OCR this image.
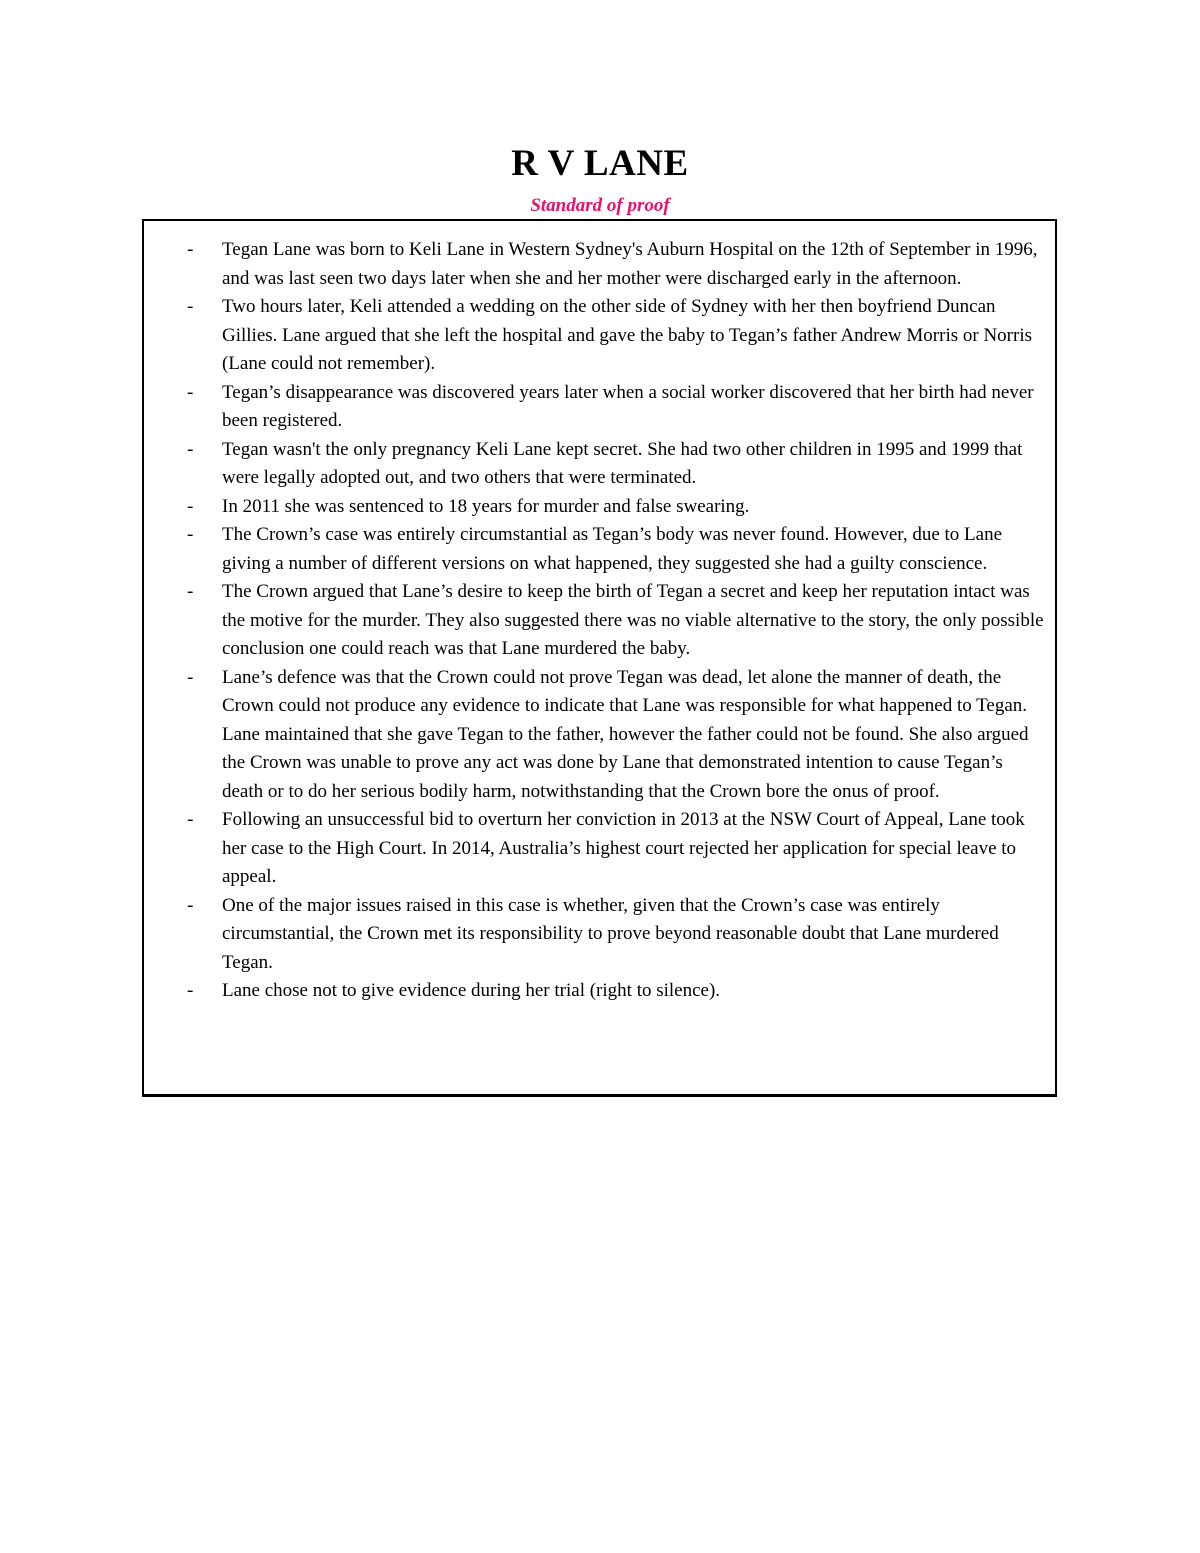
R V LANE
Standard of proof
- Tegan Lane was born to Keli Lane in Western Sydney's Auburn Hospital on the 12th of September in 1996, and was last seen two days later when she and her mother were discharged early in the afternoon.
- Two hours later, Keli attended a wedding on the other side of Sydney with her then boyfriend Duncan Gillies. Lane argued that she left the hospital and gave the baby to Tegan’s father Andrew Morris or Norris (Lane could not remember).
- Tegan’s disappearance was discovered years later when a social worker discovered that her birth had never been registered.
- Tegan wasn't the only pregnancy Keli Lane kept secret. She had two other children in 1995 and 1999 that were legally adopted out, and two others that were terminated.
- In 2011 she was sentenced to 18 years for murder and false swearing.
- The Crown’s case was entirely circumstantial as Tegan’s body was never found. However, due to Lane giving a number of different versions on what happened, they suggested she had a guilty conscience.
- The Crown argued that Lane’s desire to keep the birth of Tegan a secret and keep her reputation intact was the motive for the murder. They also suggested there was no viable alternative to the story, the only possible conclusion one could reach was that Lane murdered the baby.
- Lane’s defence was that the Crown could not prove Tegan was dead, let alone the manner of death, the Crown could not produce any evidence to indicate that Lane was responsible for what happened to Tegan. Lane maintained that she gave Tegan to the father, however the father could not be found. She also argued the Crown was unable to prove any act was done by Lane that demonstrated intention to cause Tegan’s death or to do her serious bodily harm, notwithstanding that the Crown bore the onus of proof.
- Following an unsuccessful bid to overturn her conviction in 2013 at the NSW Court of Appeal, Lane took her case to the High Court. In 2014, Australia’s highest court rejected her application for special leave to appeal.
- One of the major issues raised in this case is whether, given that the Crown’s case was entirely circumstantial, the Crown met its responsibility to prove beyond reasonable doubt that Lane murdered Tegan.
- Lane chose not to give evidence during her trial (right to silence).
